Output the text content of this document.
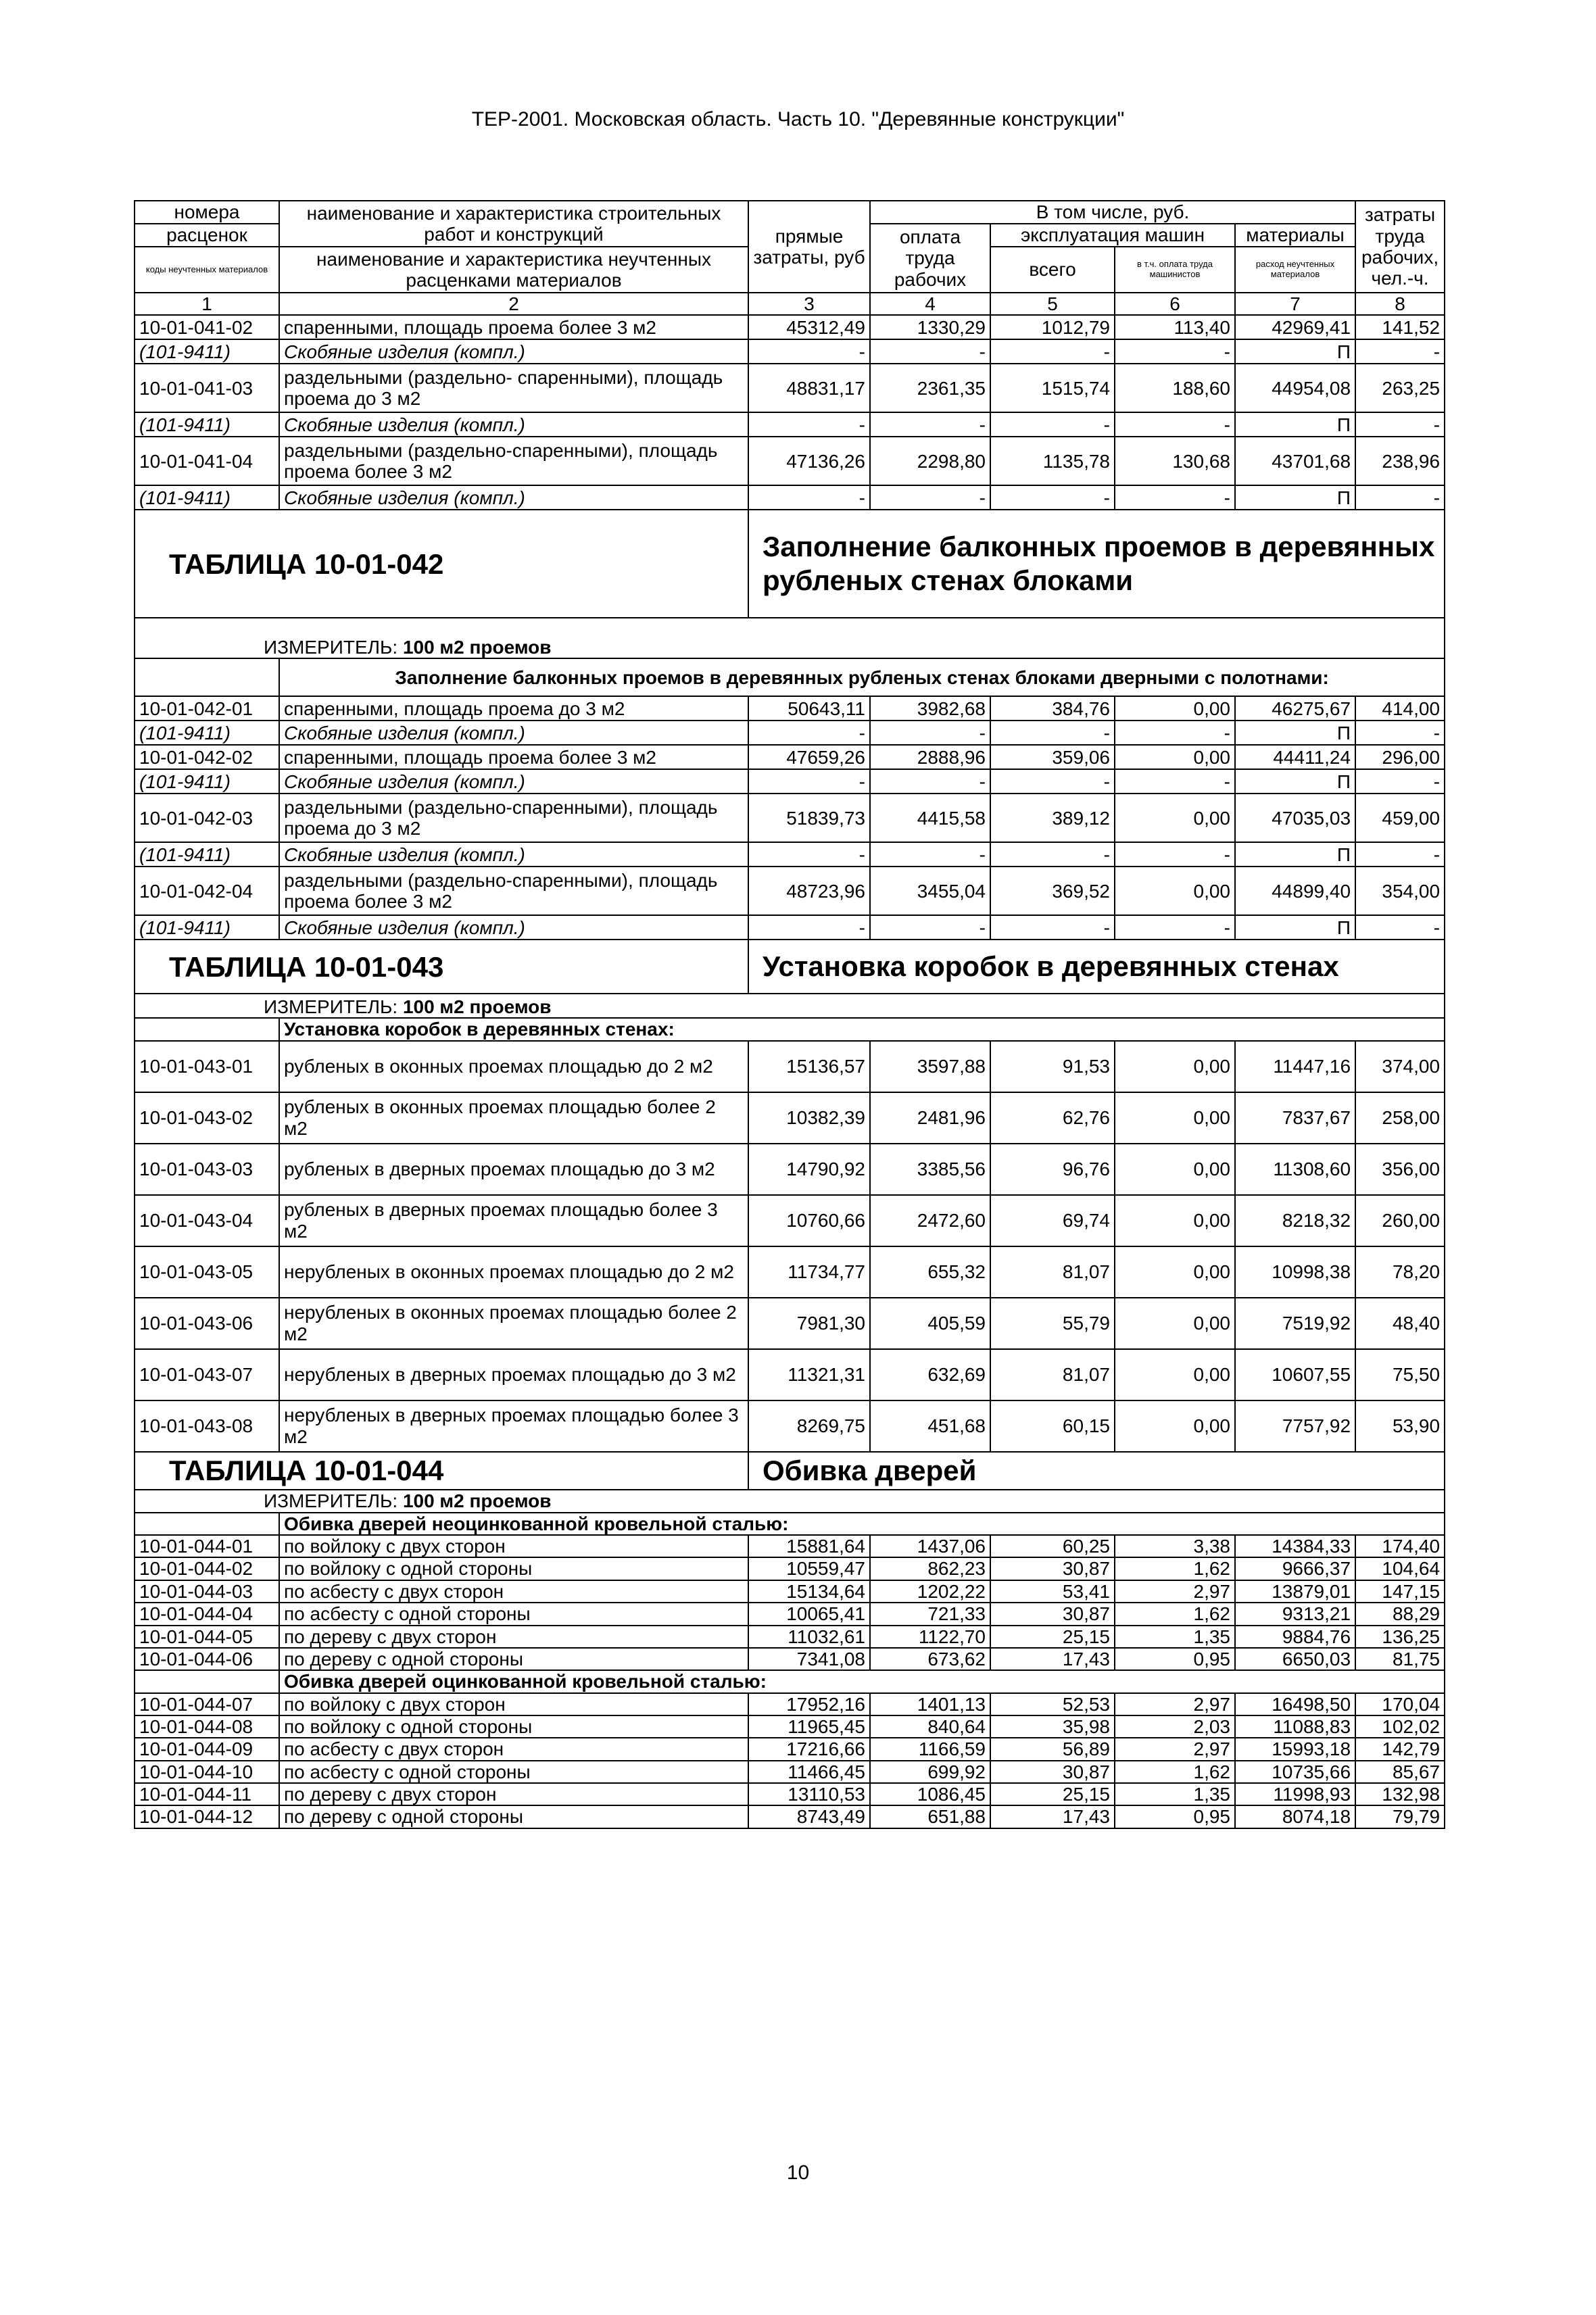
ТЕР-2001. Московская область. Часть 10. "Деревянные конструкции"
номера	наименование и характеристика строительных работ и конструкций	прямые затраты, руб	В том числе, руб.				затраты труда рабочих, чел.-ч.
расценок			оплата труда рабочих	эксплуатация машин		материалы	
коды неучтенных материалов	наименование и характеристика неучтенных расценками материалов			всего	в т.ч. оплата труда машинистов	расход неучтенных материалов	

1	2	3	4	5	6	7	8
10-01-041-02	спаренными, площадь проема более 3 м2	45312,49	1330,29	1012,79	113,40	42969,41	141,52
(101-9411)	Скобяные изделия (компл.)	-	-	-	-	П	-
10-01-041-03	раздельными (раздельно- спаренными), площадь проема до 3 м2	48831,17	2361,35	1515,74	188,60	44954,08	263,25
(101-9411)	Скобяные изделия (компл.)	-	-	-	-	П	-
10-01-041-04	раздельными (раздельно-спаренными), площадь проема более 3 м2	47136,26	2298,80	1135,78	130,68	43701,68	238,96
(101-9411)	Скобяные изделия (компл.)	-	-	-	-	П	-
ТАБЛИЦА 10-01-042		Заполнение балконных проемов в деревянных рубленых стенах блоками					

ИЗМЕРИТЕЛЬ: 100 м2 проемов							
	Заполнение балконных проемов в деревянных рубленых стенах блоками дверными с полотнами:						
10-01-042-01	спаренными, площадь проема до 3 м2	50643,11	3982,68	384,76	0,00	46275,67	414,00
(101-9411)	Скобяные изделия (компл.)	-	-	-	-	П	-
10-01-042-02	спаренными, площадь проема более 3 м2	47659,26	2888,96	359,06	0,00	44411,24	296,00
(101-9411)	Скобяные изделия (компл.)	-	-	-	-	П	-
10-01-042-03	раздельными (раздельно-спаренными), площадь проема до 3 м2	51839,73	4415,58	389,12	0,00	47035,03	459,00
(101-9411)	Скобяные изделия (компл.)	-	-	-	-	П	-
10-01-042-04	раздельными (раздельно-спаренными), площадь проема более 3 м2	48723,96	3455,04	369,52	0,00	44899,40	354,00
(101-9411)	Скобяные изделия (компл.)	-	-	-	-	П	-
ТАБЛИЦА 10-01-043		Установка коробок в деревянных стенах					

ИЗМЕРИТЕЛЬ: 100 м2 проемов							
	Установка коробок в деревянных стенах:						
10-01-043-01	рубленых в оконных проемах площадью до 2 м2	15136,57	3597,88	91,53	0,00	11447,16	374,00
10-01-043-02	рубленых в оконных проемах площадью более 2 м2	10382,39	2481,96	62,76	0,00	7837,67	258,00
10-01-043-03	рубленых в дверных проемах площадью до 3 м2	14790,92	3385,56	96,76	0,00	11308,60	356,00
10-01-043-04	рубленых в дверных проемах площадью более 3 м2	10760,66	2472,60	69,74	0,00	8218,32	260,00
10-01-043-05	нерубленых в оконных проемах площадью до 2 м2	11734,77	655,32	81,07	0,00	10998,38	78,20
10-01-043-06	нерубленых в оконных проемах площадью более 2 м2	7981,30	405,59	55,79	0,00	7519,92	48,40
10-01-043-07	нерубленых в дверных проемах площадью до 3 м2	11321,31	632,69	81,07	0,00	10607,55	75,50
10-01-043-08	нерубленых в дверных проемах площадью более 3 м2	8269,75	451,68	60,15	0,00	7757,92	53,90
ТАБЛИЦА 10-01-044		Обивка дверей					

ИЗМЕРИТЕЛЬ: 100 м2 проемов							
	Обивка дверей неоцинкованной кровельной сталью:						
10-01-044-01	по войлоку с двух сторон	15881,64	1437,06	60,25	3,38	14384,33	174,40
10-01-044-02	по войлоку с одной стороны	10559,47	862,23	30,87	1,62	9666,37	104,64
10-01-044-03	по асбесту с двух сторон	15134,64	1202,22	53,41	2,97	13879,01	147,15
10-01-044-04	по асбесту с одной стороны	10065,41	721,33	30,87	1,62	9313,21	88,29
10-01-044-05	по дереву с двух сторон	11032,61	1122,70	25,15	1,35	9884,76	136,25
10-01-044-06	по дереву с одной стороны	7341,08	673,62	17,43	0,95	6650,03	81,75
	Обивка дверей оцинкованной кровельной сталью:						
10-01-044-07	по войлоку с двух сторон	17952,16	1401,13	52,53	2,97	16498,50	170,04
10-01-044-08	по войлоку с одной стороны	11965,45	840,64	35,98	2,03	11088,83	102,02
10-01-044-09	по асбесту с двух сторон	17216,66	1166,59	56,89	2,97	15993,18	142,79
10-01-044-10	по асбесту с одной стороны	11466,45	699,92	30,87	1,62	10735,66	85,67
10-01-044-11	по дереву с двух сторон	13110,53	1086,45	25,15	1,35	11998,93	132,98
10-01-044-12	по дереву с одной стороны	8743,49	651,88	17,43	0,95	8074,18	79,79
10
